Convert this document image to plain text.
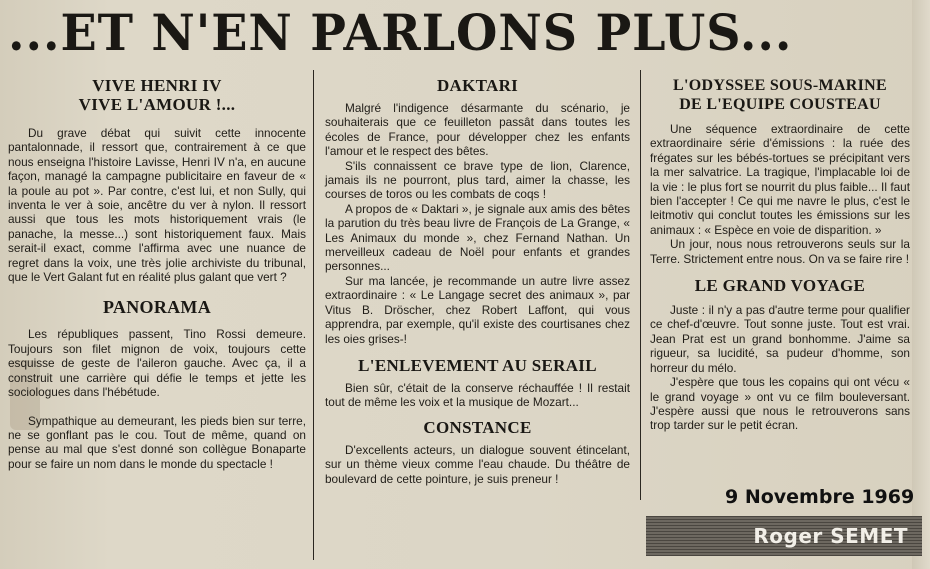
...ET N'EN PARLONS PLUS...
VIVE HENRI IV
VIVE L'AMOUR !...

Du grave débat qui suivit cette innocente pantalonnade, il ressort que, contrairement à ce que nous enseigna l'histoire Lavisse, Henri IV n'a, en aucune façon, managé la campagne publicitaire en faveur de « la poule au pot ». Par contre, c'est lui, et non Sully, qui inventa le ver à soie, ancêtre du ver à nylon. Il ressort aussi que tous les mots historiquement vrais (le panache, la messe...) sont historiquement faux. Mais serait-il exact, comme l'affirma avec une nuance de regret dans la voix, une très jolie archiviste du tribunal, que le Vert Galant fut en réalité plus galant que vert ?

PANORAMA

Les républiques passent, Tino Rossi demeure. Toujours son filet mignon de voix, toujours cette esquisse de geste de l'aileron gauche. Avec ça, il a construit une carrière qui défie le temps et jette les sociologues dans l'hébétude.

Sympathique au demeurant, les pieds bien sur terre, ne se gonflant pas le cou. Tout de même, quand on pense au mal que s'est donné son collègue Bonaparte pour se faire un nom dans le monde du spectacle !

DAKTARI

Malgré l'indigence désarmante du scénario, je souhaiterais que ce feuilleton passât dans toutes les écoles de France, pour développer chez les enfants l'amour et le respect des bêtes.

S'ils connaissent ce brave type de lion, Clarence, jamais ils ne pourront, plus tard, aimer la chasse, les courses de toros ou les combats de coqs !

A propos de « Daktari », je signale aux amis des bêtes la parution du très beau livre de François de La Grange, « Les Animaux du monde », chez Fernand Nathan. Un merveilleux cadeau de Noël pour enfants et grandes personnes...

Sur ma lancée, je recommande un autre livre assez extraordinaire : « Le Langage secret des animaux », par Vitus B. Dröscher, chez Robert Laffont, qui vous apprendra, par exemple, qu'il existe des courtisanes chez les oies grises-!

L'ENLEVEMENT AU SERAIL

Bien sûr, c'était de la conserve réchauffée ! Il restait tout de même les voix et la musique de Mozart...

CONSTANCE

D'excellents acteurs, un dialogue souvent étincelant, sur un thème vieux comme l'eau chaude. Du théâtre de boulevard de cette pointure, je suis preneur !

L'ODYSSEE SOUS-MARINE
DE L'EQUIPE COUSTEAU

Une séquence extraordinaire de cette extraordinaire série d'émissions : la ruée des frégates sur les bébés-tortues se précipitant vers la mer salvatrice. La tragique, l'implacable loi de la vie : le plus fort se nourrit du plus faible... Il faut bien l'accepter ! Ce qui me navre le plus, c'est le leitmotiv qui conclut toutes les émissions sur les animaux : « Espèce en voie de disparition. »

Un jour, nous nous retrouverons seuls sur la Terre. Strictement entre nous. On va se faire rire !

LE GRAND VOYAGE

Juste : il n'y a pas d'autre terme pour qualifier ce chef-d'œuvre. Tout sonne juste. Tout est vrai. Jean Prat est un grand bonhomme. J'aime sa rigueur, sa lucidité, sa pudeur d'homme, son horreur du mélo.

J'espère que tous les copains qui ont vécu « le grand voyage » ont vu ce film bouleversant. J'espère aussi que nous le retrouverons sans trop tarder sur le petit écran.

9 Novembre 1969
Roger SEMET
